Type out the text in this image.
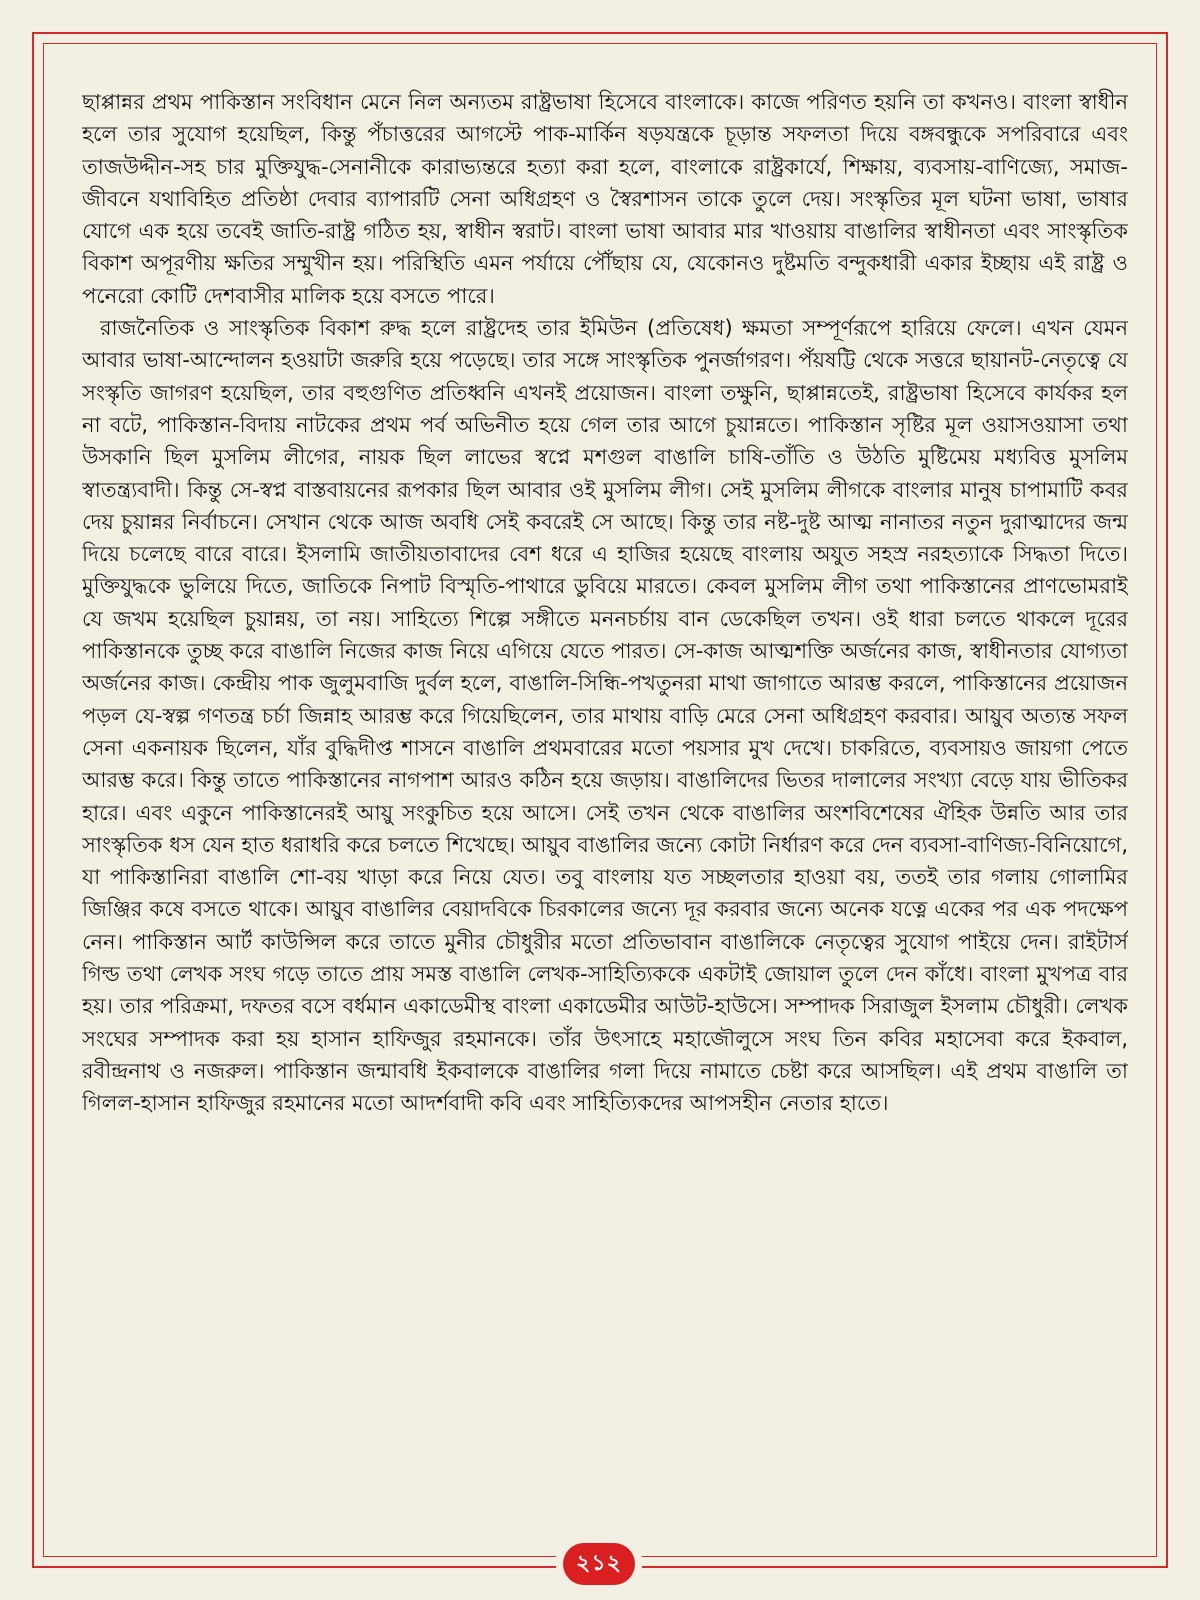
ছাপ্পান্নর প্রথম পাকিস্তান সংবিধান মেনে নিল অন্যতম রাষ্ট্রভাষা হিসেবে বাংলাকে। কাজে পরিণত হয়নি তা কখনও। বাংলা স্বাধীন হলে তার সুযোগ হয়েছিল, কিন্তু পঁচাত্তরের আগস্টে পাক-মার্কিন ষড়যন্ত্রকে চূড়ান্ত সফলতা দিয়ে বঙ্গবন্ধুকে সপরিবারে এবং তাজউদ্দীন-সহ চার মুক্তিযুদ্ধ-সেনানীকে কারাভ্যন্তরে হত্যা করা হলে, বাংলাকে রাষ্ট্রকার্যে, শিক্ষায়, ব্যবসায়-বাণিজ্যে, সমাজ-জীবনে যথাবিহিত প্রতিষ্ঠা দেবার ব্যাপারটি সেনা অধিগ্রহণ ও স্বৈরশাসন তাকে তুলে দেয়। সংস্কৃতির মূল ঘটনা ভাষা, ভাষার যোগে এক হয়ে তবেই জাতি-রাষ্ট্র গঠিত হয়, স্বাধীন স্বরাট। বাংলা ভাষা আবার মার খাওয়ায় বাঙালির স্বাধীনতা এবং সাংস্কৃতিক বিকাশ অপূরণীয় ক্ষতির সম্মুখীন হয়। পরিস্থিতি এমন পর্যায়ে পৌঁছায় যে, যেকোনও দুষ্টমতি বন্দুকধারী একার ইচ্ছায় এই রাষ্ট্র ও পনেরো কোটি দেশবাসীর মালিক হয়ে বসতে পারে।

রাজনৈতিক ও সাংস্কৃতিক বিকাশ রুদ্ধ হলে রাষ্ট্রদেহ তার ইমিউন (প্রতিষেধ) ক্ষমতা সম্পূর্ণরূপে হারিয়ে ফেলে। এখন যেমন আবার ভাষা-আন্দোলন হওয়াটা জরুরি হয়ে পড়েছে। তার সঙ্গে সাংস্কৃতিক পুনর্জাগরণ। পঁয়ষট্টি থেকে সত্তরে ছায়ানট-নেতৃত্বে যে সংস্কৃতি জাগরণ হয়েছিল, তার বহুগুণিত প্রতিধ্বনি এখনই প্রয়োজন। বাংলা তক্ষুনি, ছাপ্পান্নতেই, রাষ্ট্রভাষা হিসেবে কার্যকর হল না বটে, পাকিস্তান-বিদায় নাটকের প্রথম পর্ব অভিনীত হয়ে গেল তার আগে চুয়ান্নতে। পাকিস্তান সৃষ্টির মূল ওয়াসওয়াসা তথা উসকানি ছিল মুসলিম লীগের, নায়ক ছিল লাভের স্বপ্নে মশগুল বাঙালি চাষি-তাঁতি ও উঠতি মুষ্টিমেয় মধ্যবিত্ত মুসলিম স্বাতন্ত্র্যবাদী। কিন্তু সে-স্বপ্ন বাস্তবায়নের রূপকার ছিল আবার ওই মুসলিম লীগ। সেই মুসলিম লীগকে বাংলার মানুষ চাপামাটি কবর দেয় চুয়ান্নর নির্বাচনে। সেখান থেকে আজ অবধি সেই কবরেই সে আছে। কিন্তু তার নষ্ট-দুষ্ট আত্ম নানাতর নতুন দুরাত্মাদের জন্ম দিয়ে চলেছে বারে বারে। ইসলামি জাতীয়তাবাদের বেশ ধরে এ হাজির হয়েছে বাংলায় অযুত সহস্র নরহত্যাকে সিদ্ধতা দিতে। মুক্তিযুদ্ধকে ভুলিয়ে দিতে, জাতিকে নিপাট বিস্মৃতি-পাথারে ডুবিয়ে মারতে। কেবল মুসলিম লীগ তথা পাকিস্তানের প্রাণভোমরাই যে জখম হয়েছিল চুয়ান্নয়, তা নয়। সাহিত্যে শিল্পে সঙ্গীতে মননচর্চায় বান ডেকেছিল তখন। ওই ধারা চলতে থাকলে দূরের পাকিস্তানকে তুচ্ছ করে বাঙালি নিজের কাজ নিয়ে এগিয়ে যেতে পারত। সে-কাজ আত্মশক্তি অর্জনের কাজ, স্বাধীনতার যোগ্যতা অর্জনের কাজ। কেন্দ্রীয় পাক জুলুমবাজি দুর্বল হলে, বাঙালি-সিন্ধি-পখতুনরা মাথা জাগাতে আরম্ভ করলে, পাকিস্তানের প্রয়োজন পড়ল যে-স্বল্প গণতন্ত্র চর্চা জিন্নাহ আরম্ভ করে গিয়েছিলেন, তার মাথায় বাড়ি মেরে সেনা অধিগ্রহণ করবার। আয়ুব অত্যন্ত সফল সেনা একনায়ক ছিলেন, যাঁর বুদ্ধিদীপ্ত শাসনে বাঙালি প্রথমবারের মতো পয়সার মুখ দেখে। চাকরিতে, ব্যবসায়ও জায়গা পেতে আরম্ভ করে। কিন্তু তাতে পাকিস্তানের নাগপাশ আরও কঠিন হয়ে জড়ায়। বাঙালিদের ভিতর দালালের সংখ্যা বেড়ে যায় ভীতিকর হারে। এবং একুনে পাকিস্তানেরই আয়ু সংকুচিত হয়ে আসে। সেই তখন থেকে বাঙালির অংশবিশেষের ঐহিক উন্নতি আর তার সাংস্কৃতিক ধস যেন হাত ধরাধরি করে চলতে শিখেছে। আয়ুব বাঙালির জন্যে কোটা নির্ধারণ করে দেন ব্যবসা-বাণিজ্য-বিনিয়োগে, যা পাকিস্তানিরা বাঙালি শো-বয় খাড়া করে নিয়ে যেত। তবু বাংলায় যত সচ্ছলতার হাওয়া বয়, ততই তার গলায় গোলামির জিঞ্জির কষে বসতে থাকে। আয়ুব বাঙালির বেয়াদবিকে চিরকালের জন্যে দূর করবার জন্যে অনেক যত্নে একের পর এক পদক্ষেপ নেন। পাকিস্তান আর্ট কাউন্সিল করে তাতে মুনীর চৌধুরীর মতো প্রতিভাবান বাঙালিকে নেতৃত্বের সুযোগ পাইয়ে দেন। রাইটার্স গিল্ড তথা লেখক সংঘ গড়ে তাতে প্রায় সমস্ত বাঙালি লেখক-সাহিত্যিককে একটাই জোয়াল তুলে দেন কাঁধে। বাংলা মুখপত্র বার হয়। তার পরিক্রমা, দফতর বসে বর্ধমান একাডেমীস্থ বাংলা একাডেমীর আউট-হাউসে। সম্পাদক সিরাজুল ইসলাম চৌধুরী। লেখক সংঘের সম্পাদক করা হয় হাসান হাফিজুর রহমানকে। তাঁর উৎসাহে মহাজৌলুসে সংঘ তিন কবির মহাসেবা করে ইকবাল, রবীন্দ্রনাথ ও নজরুল। পাকিস্তান জন্মাবধি ইকবালকে বাঙালির গলা দিয়ে নামাতে চেষ্টা করে আসছিল। এই প্রথম বাঙালি তা গিলল-হাসান হাফিজুর রহমানের মতো আদর্শবাদী কবি এবং সাহিত্যিকদের আপসহীন নেতার হাতে।

২১২
